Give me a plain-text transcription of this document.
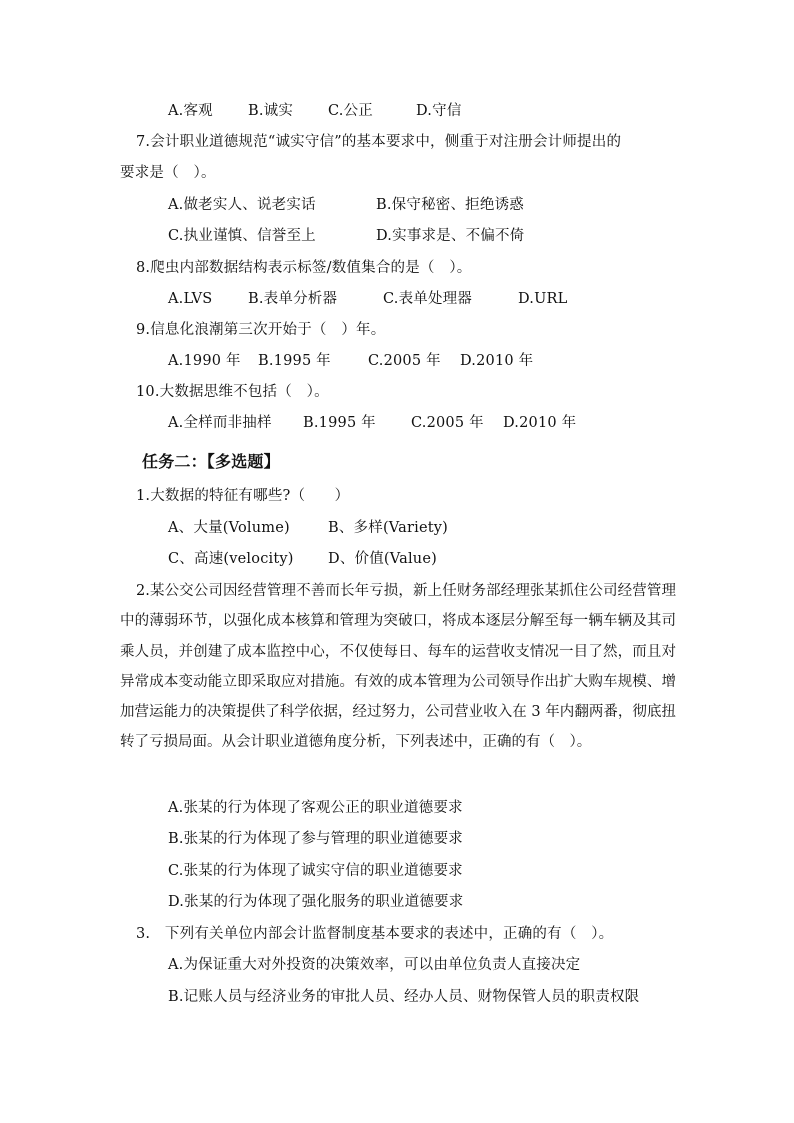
A.客观	B.诚实	C.公正	D.守信
7.会计职业道德规范“诚实守信”的基本要求中，侧重于对注册会计师提出的
要求是（　）。
A.做老实人、说老实话	B.保守秘密、拒绝诱惑
C.执业谨慎、信誉至上	D.实事求是、不偏不倚
8.爬虫内部数据结构表示标签/数值集合的是（　）。
A.LVS	B.表单分析器	C.表单处理器	D.URL
9.信息化浪潮第三次开始于（　）年。
A.1990 年	B.1995 年	C.2005 年	D.2010 年
10.大数据思维不包括（　）。
A.全样而非抽样	B.1995 年	C.2005 年	D.2010 年
任务二：【多选题】
1.大数据的特征有哪些?（　　）
A、大量(Volume)	B、多样(Variety)
C、高速(velocity)	D、价值(Value)
2.某公交公司因经营管理不善而长年亏损，新上任财务部经理张某抓住公司经营管理中的薄弱环节，以强化成本核算和管理为突破口，将成本逐层分解至每一辆车辆及其司乘人员，并创建了成本监控中心，不仅使每日、每车的运营收支情况一目了然，而且对异常成本变动能立即采取应对措施。有效的成本管理为公司领导作出扩大购车规模、增加营运能力的决策提供了科学依据，经过努力，公司营业收入在 3 年内翻两番，彻底扭转了亏损局面。从会计职业道德角度分析，下列表述中，正确的有（　）。
A.张某的行为体现了客观公正的职业道德要求
B.张某的行为体现了参与管理的职业道德要求
C.张某的行为体现了诚实守信的职业道德要求
D.张某的行为体现了强化服务的职业道德要求
3.　下列有关单位内部会计监督制度基本要求的表述中，正确的有（　）。
A.为保证重大对外投资的决策效率，可以由单位负责人直接决定
B.记账人员与经济业务的审批人员、经办人员、财物保管人员的职责权限
